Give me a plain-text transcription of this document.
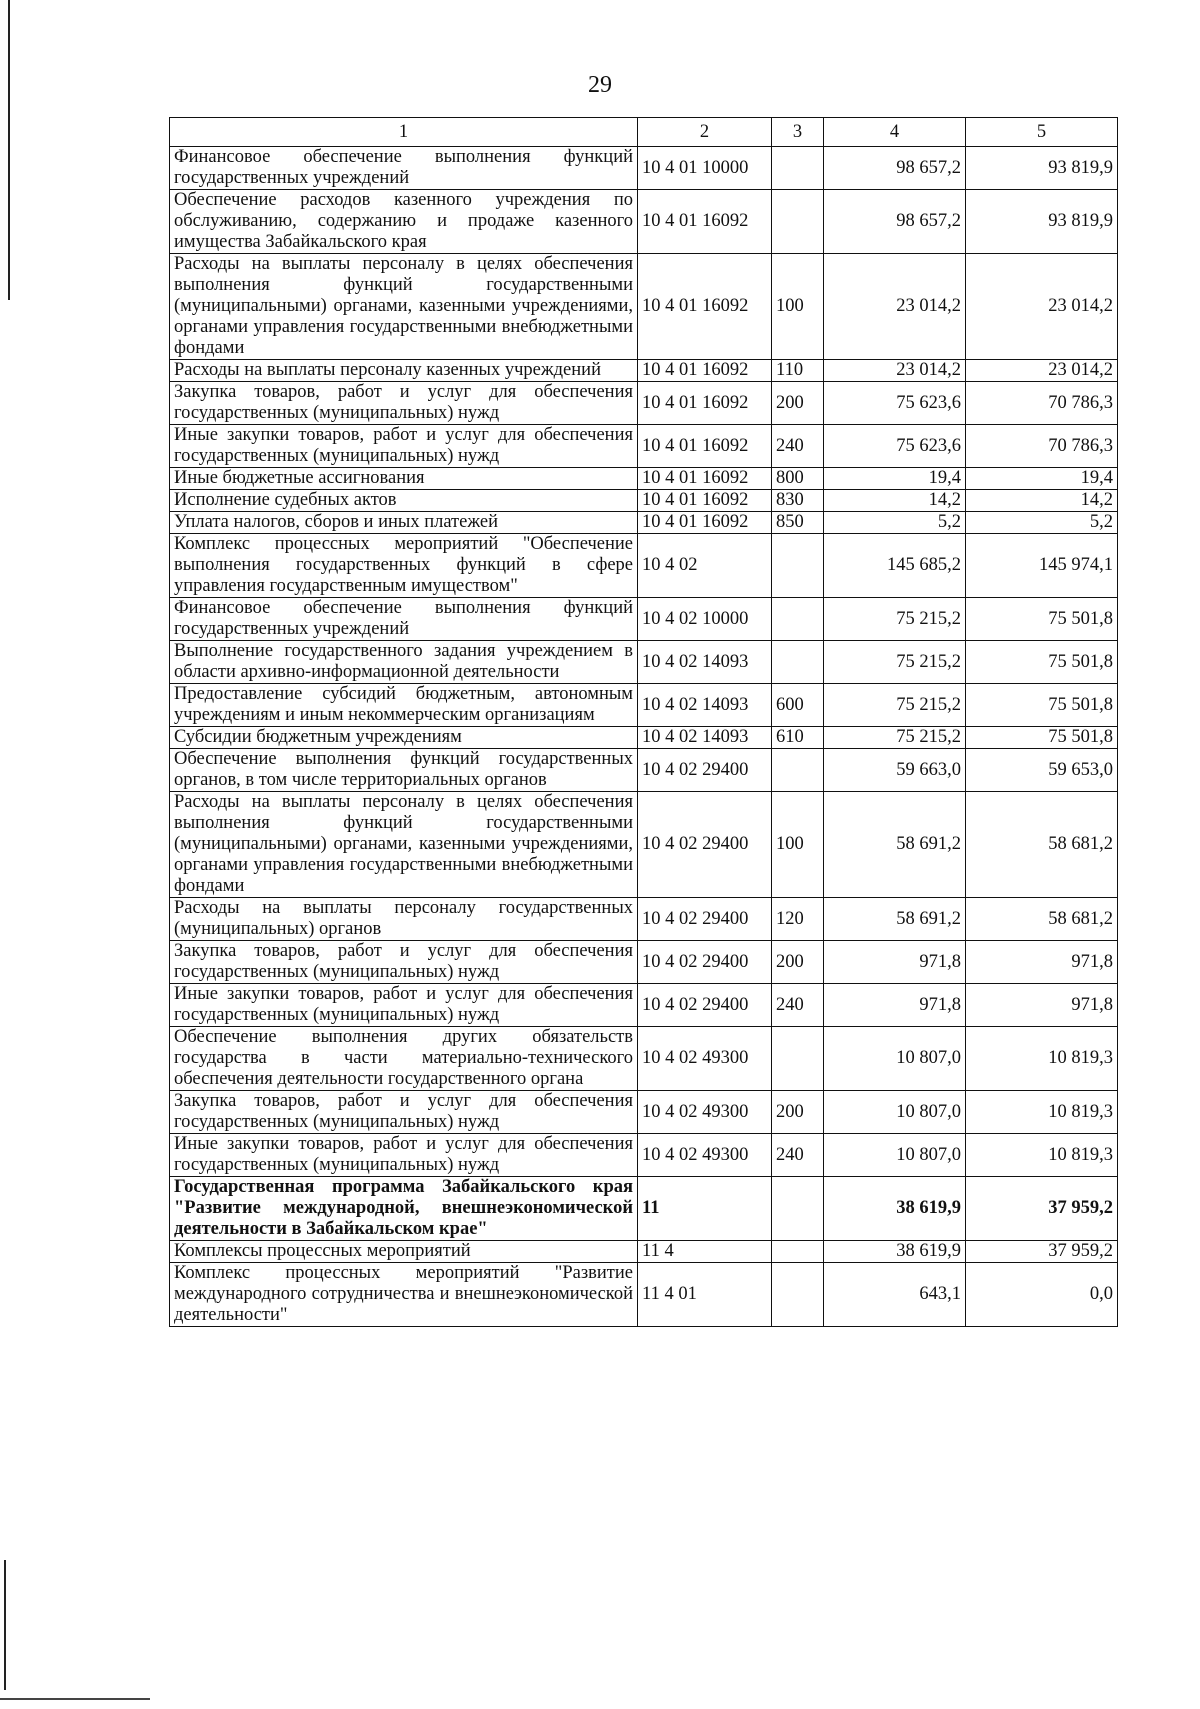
29
1	2	3	4	5
Финансовое обеспечение выполнения функций государственных учреждений	10 4 01 10000		98 657,2	93 819,9
Обеспечение расходов казенного учреждения по обслуживанию, содержанию и продаже казенного имущества Забайкальского края	10 4 01 16092		98 657,2	93 819,9
Расходы на выплаты персоналу в целях обеспечения выполнения функций государственными (муниципальными) органами, казенными учреждениями, органами управления государственными внебюджетными фондами	10 4 01 16092	100	23 014,2	23 014,2
Расходы на выплаты персоналу казенных учреждений	10 4 01 16092	110	23 014,2	23 014,2
Закупка товаров, работ и услуг для обеспечения государственных (муниципальных) нужд	10 4 01 16092	200	75 623,6	70 786,3
Иные закупки товаров, работ и услуг для обеспечения государственных (муниципальных) нужд	10 4 01 16092	240	75 623,6	70 786,3
Иные бюджетные ассигнования	10 4 01 16092	800	19,4	19,4
Исполнение судебных актов	10 4 01 16092	830	14,2	14,2
Уплата налогов, сборов и иных платежей	10 4 01 16092	850	5,2	5,2
Комплекс процессных мероприятий "Обеспечение выполнения государственных функций в сфере управления государственным имуществом"	10 4 02		145 685,2	145 974,1
Финансовое обеспечение выполнения функций государственных учреждений	10 4 02 10000		75 215,2	75 501,8
Выполнение государственного задания учреждением в области архивно-информационной деятельности	10 4 02 14093		75 215,2	75 501,8
Предоставление субсидий бюджетным, автономным учреждениям и иным некоммерческим организациям	10 4 02 14093	600	75 215,2	75 501,8
Субсидии бюджетным учреждениям	10 4 02 14093	610	75 215,2	75 501,8
Обеспечение выполнения функций государственных органов, в том числе территориальных органов	10 4 02 29400		59 663,0	59 653,0
Расходы на выплаты персоналу в целях обеспечения выполнения функций государственными (муниципальными) органами, казенными учреждениями, органами управления государственными внебюджетными фондами	10 4 02 29400	100	58 691,2	58 681,2
Расходы на выплаты персоналу государственных (муниципальных) органов	10 4 02 29400	120	58 691,2	58 681,2
Закупка товаров, работ и услуг для обеспечения государственных (муниципальных) нужд	10 4 02 29400	200	971,8	971,8
Иные закупки товаров, работ и услуг для обеспечения государственных (муниципальных) нужд	10 4 02 29400	240	971,8	971,8
Обеспечение выполнения других обязательств государства в части материально-технического обеспечения деятельности государственного органа	10 4 02 49300		10 807,0	10 819,3
Закупка товаров, работ и услуг для обеспечения государственных (муниципальных) нужд	10 4 02 49300	200	10 807,0	10 819,3
Иные закупки товаров, работ и услуг для обеспечения государственных (муниципальных) нужд	10 4 02 49300	240	10 807,0	10 819,3
Государственная программа Забайкальского края "Развитие международной, внешнеэкономической деятельности в Забайкальском крае"	11		38 619,9	37 959,2
Комплексы процессных мероприятий	11 4		38 619,9	37 959,2
Комплекс процессных мероприятий "Развитие международного сотрудничества и внешнеэкономической деятельности"	11 4 01		643,1	0,0
